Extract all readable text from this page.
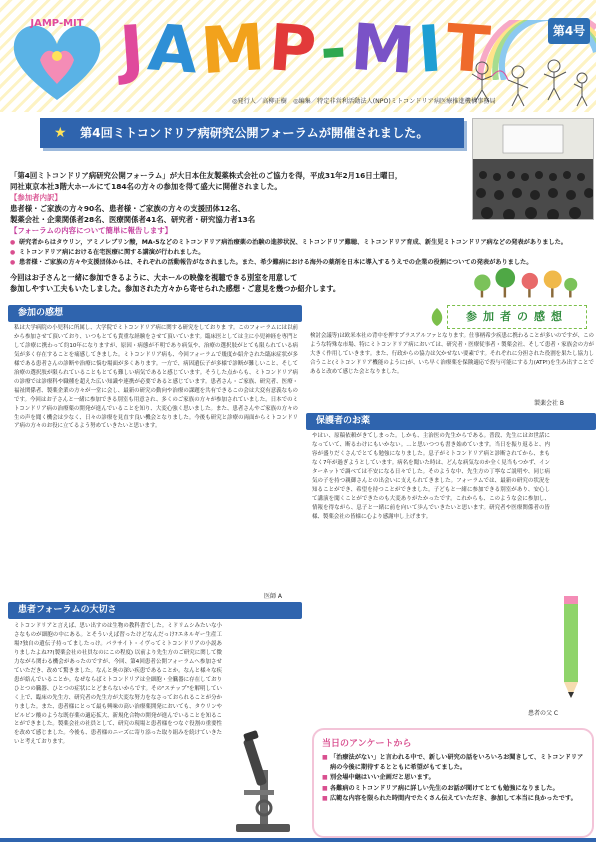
JAMP-MIT JAMP-MIT	第4号
◎発行人／高柳正樹　◎編集／特定非営利活動法人(NPO)ミトコンドリア病医療推進機構事務局
★ 第4回ミトコンドリア病研究公開フォーラムが開催されました。
「第4回ミトコンドリア病研究公開フォーラム」が大日本住友製薬株式会社のご協力を得，平成31年2月16日土曜日，
同社東京本社3階大ホールにて184名の方々の参加を得て盛大に開催されました。
【参加者内訳】
患者様・ご家族の方々90名、患者様・ご家族の方々の支援団体12名、
製薬会社・企業関係者28名、医療関係者41名、研究者・研究協力者13名
【フォーラムの内容について簡単に報告します】
● 研究者からはタウリン，アミノレブリン酸，MA-5などのミトコンドリア病治療薬の治験の進捗状況、ミトコンドリア難聴、ミトコンドリア育成、新生児ミトコンドリア病などの発表がありました。
● ミトコンドリア病における在宅医療に関する講演が行われました。
● 患者様・ご家族の方々や支援団体からは、それぞれの活動報告がなされました。また、希少難病における海外の薬剤を日本に導入するうえでの企業の役割についての発表がありました。
今回はお子さんと一緒に参加できるように、大ホールの映像を視聴できる別室を用意して
参加しやすい工夫もいたしました。参加された方々から寄せられた感想・ご意見を幾つか紹介します。
参加の感想
私は大学病院の小児科に所属し、大学院でミトコンドリア病に関する研究をしておりま す。このフォーラムには以前から参加させて頂いており、いつもとても貴重な経験をさせて頂いています。臨床医としては主に小児神経を専門として診療に携わって約10年になりますが、原因・病態が不明であり病気や、治療の選択肢がとても限られている病気が多く存在することを痛感してきました。ミトコンドリア病も、今回フォーラムで幾度か紹介された臨床症状が多様である患者さんの診断や治療に悩む場面が多くあります。一方で、病因遺伝子が多様で診断が難しいこと、そして治療の選択肢が限られていることもとても難しい病気であると感じています。そうした点からも、ミトコンドリア病の診療では診療科や職種を超えた広い知識や連携が必要であると感じています。患者さん・ご家族、研究者、医療・福祉関係者、製薬企業の方々が一堂に会し、最新の研究の動向や治療の課題を共有できるこの会は大変有意義なものです。今回はお子さんと一緒に参加できる別室も用意され、多くのご家族の方々が参加されていました。日本でのミトコンドリア病の治療薬の開発が進んでいることを知り、大変心強く思いました。また、患者さんやご家族の方々の生の声を聞く機会は少なく、日々の診療を見直す良い機会となりました。今後も研究と診療の両面からミトコンドリア病の方々のお役に立てるよう努めていきたいと思います。
医師 A
患者フォーラムの大切さ
ミトコンドリアと言えば、思い出すのは生物の教科書でした。ミドリムシみたいな小さなものが細胞の中にある。とそういえば習ったけどなんだっけ?エネルギー生産工場?独自の遺伝子持ってましたっけ。パラサイト・イヴってミトコンドリアの小説ありましたよね??(製薬会社の社員なのにこの程度) 以前より先生方のご研究に関して微力ながら関わる機会があったのですが、今回、第4回患者公開フォーラムへ参加させていただき、改めて驚きました。なんと奥の深い疾患であることか。なんと様々な疾患が絡んでいることか。なぜならばミトコンドリアは全細胞・全臓器に存在しておりひとつの臓器、ひとつの症状にとどまらないからです。その"ステップ"を解明していく上で、臨床の先生方、研究者の先生方が大変な努力をなさっておられることが分かりました。また、患者様にとって最も興味の高い治療薬開発においても、タウリンやピルビン酸のような既存薬の適応拡大、新規化合物の開発が進んでいることを知ることができました。製薬会社の社員として、研究の現場と患者様をつなぐ役割の重要性を改めて感じました。今後も、患者様のニーズに寄り添った取り組みを続けていきたいと考えております。
参加者の感想
検討会議等)は欧米本社の背中を押すプラスアルファとなります。仕事柄希少疾患に携わることが多いのですが、このような特殊な市場、特にミトコンドリア病においては、研究者・医療従事者・製薬会社、そして患者・家族会の方が大きく作用していきます。また、行政からの協力は欠かせない要素です。それぞれに分担された役割を果たし協力し合うこと(ミトコンドリア機能のように)が、いち早く治療薬を保険適応で投与可能にする力(ATP!)を生み出すことであると改めて感じた会となりました。
製薬会社 B
保護者のお薬
やはい、原稿依頼がきてしまった。しかも、主治医の先生からである。普段、先生にはお世話になっていて、断るわけにもいかない。…と思いつつも書き始めています。当日を振り返ると、内容が盛りだくさんでとても勉強になりました。息子がミトコンドリア病と診断されてから、まもなく7年が過ぎようとしています。病名を聞いた時は、どんな病気なのか全く見当もつかず、インターネットで調べては不安になる日々でした。そのような中、先生方の丁寧なご説明や、同じ病気の子を持つ親御さんとの出会いに支えられてきました。フォーラムでは、最新の研究の状況を知ることができ、希望を持つことができました。子どもと一緒に参加できる別室があり、安心して講演を聞くことができたのも大変ありがたかったです。これからも、このような会に参加し、情報を得ながら、息子と一緒に前を向いて歩んでいきたいと思います。研究者や医療関係者の皆様、製薬会社の皆様に心より感謝申し上げます。
患者の父 C
当日のアンケートから
■ 「治療法がない」と言われる中で、新しい研究の話をいろいろお聞きして、ミトコンドリア病の今後に期待するとともに希望がもてました。
■ 別会場中継はいい企画だと思います。
■ 各難病のミトコンドリア病に詳しい先生のお話が聞けてとても勉強になりました。
■ 広範な内容を限られた時間内でたくさん伝えていただき、参加して本当に良かったです。
